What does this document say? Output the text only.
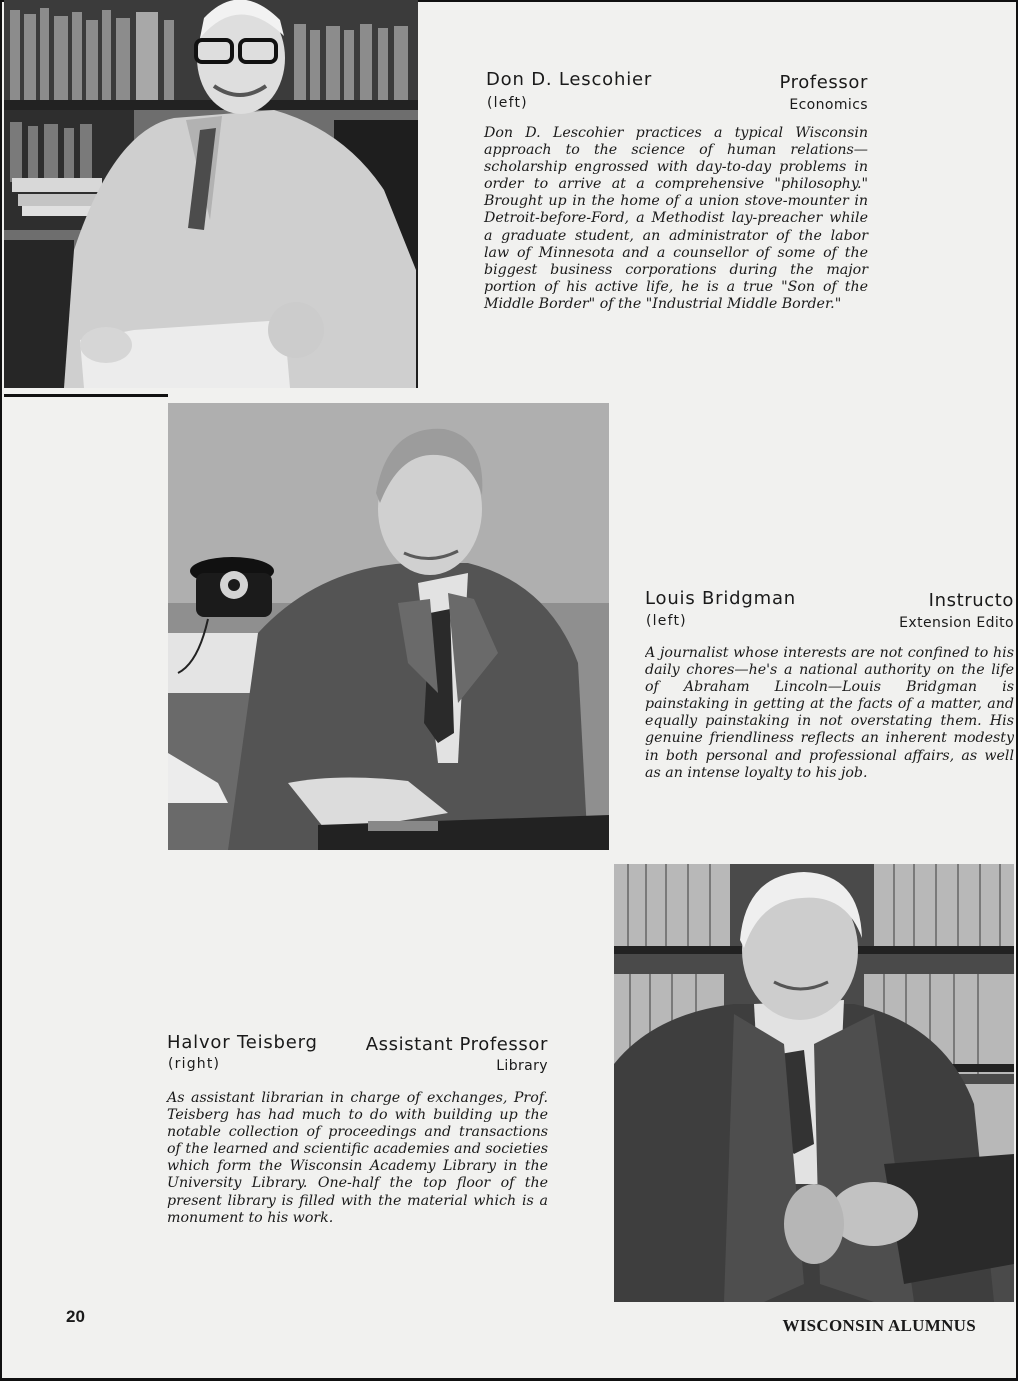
Don D. Lescohier	Professor
(left)	Economics

Don D. Lescohier practices a typical Wisconsin approach to the science of human relations—scholarship engrossed with day-to-day problems in order to arrive at a comprehensive "philosophy." Brought up in the home of a union stove-mounter in Detroit-before-Ford, a Methodist lay-preacher while a graduate student, an administrator of the labor law of Minnesota and a counsellor of some of the biggest business corporations during the major portion of his active life, he is a true "Son of the Middle Border" of the "Industrial Middle Border."

Louis Bridgman	Instructo
(left)	Extension Edito

A journalist whose interests are not confined to his daily chores—he's a national authority on the life of Abraham Lincoln—Louis Bridgman is painstaking in getting at the facts of a matter, and equally painstaking in not overstating them. His genuine friendliness reflects an inherent modesty in both personal and professional affairs, as well as an intense loyalty to his job.

Halvor Teisberg	Assistant Professor
(right)	Library

As assistant librarian in charge of exchanges, Prof. Teisberg has had much to do with building up the notable collection of proceedings and transactions of the learned and scientific academies and societies which form the Wisconsin Academy Library in the University Library. One-half the top floor of the present library is filled with the material which is a monument to his work.

20	WISCONSIN ALUMNUS
